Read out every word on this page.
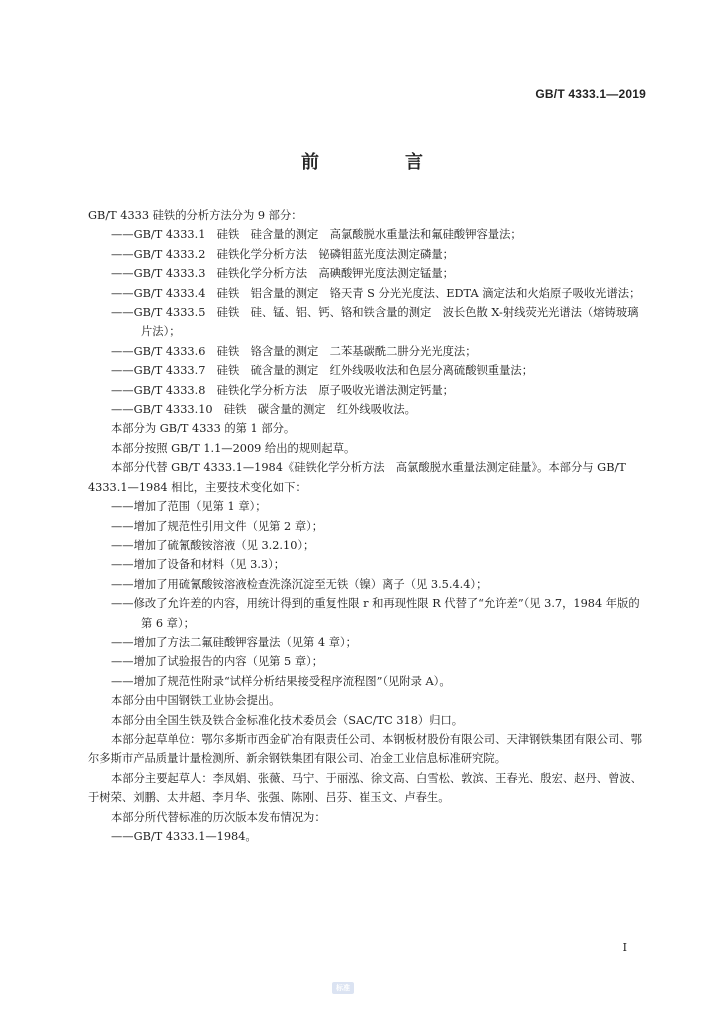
GB/T 4333.1—2019
前　言

GB/T 4333 硅铁的分析方法分为 9 部分：

——GB/T 4333.1　硅铁　硅含量的测定　高氯酸脱水重量法和氟硅酸钾容量法；

——GB/T 4333.2　硅铁化学分析方法　铋磷钼蓝光度法测定磷量；

——GB/T 4333.3　硅铁化学分析方法　高碘酸钾光度法测定锰量；

——GB/T 4333.4　硅铁　铝含量的测定　铬天青 S 分光光度法、EDTA 滴定法和火焰原子吸收光谱法；

——GB/T 4333.5　硅铁　硅、锰、铝、钙、铬和铁含量的测定　波长色散 X-射线荧光光谱法（熔铸玻璃片法）；

——GB/T 4333.6　硅铁　铬含量的测定　二苯基碳酰二肼分光光度法；

——GB/T 4333.7　硅铁　硫含量的测定　红外线吸收法和色层分离硫酸钡重量法；

——GB/T 4333.8　硅铁化学分析方法　原子吸收光谱法测定钙量；

——GB/T 4333.10　硅铁　碳含量的测定　红外线吸收法。

本部分为 GB/T 4333 的第 1 部分。

本部分按照 GB/T 1.1—2009 给出的规则起草。

本部分代替 GB/T 4333.1—1984《硅铁化学分析方法　高氯酸脱水重量法测定硅量》。本部分与 GB/T 4333.1—1984 相比，主要技术变化如下：

——增加了范围（见第 1 章）；

——增加了规范性引用文件（见第 2 章）；

——增加了硫氰酸铵溶液（见 3.2.10）；

——增加了设备和材料（见 3.3）；

——增加了用硫氰酸铵溶液检查洗涤沉淀至无铁（镍）离子（见 3.5.4.4）；

——修改了允许差的内容，用统计得到的重复性限 r 和再现性限 R 代替了“允许差”（见 3.7，1984 年版的第 6 章）；

——增加了方法二氟硅酸钾容量法（见第 4 章）；

——增加了试验报告的内容（见第 5 章）；

——增加了规范性附录“试样分析结果接受程序流程图”（见附录 A）。

本部分由中国钢铁工业协会提出。

本部分由全国生铁及铁合金标准化技术委员会（SAC/TC 318）归口。

本部分起草单位：鄂尔多斯市西金矿冶有限责任公司、本钢板材股份有限公司、天津钢铁集团有限公司、鄂尔多斯市产品质量计量检测所、新余钢铁集团有限公司、冶金工业信息标准研究院。

本部分主要起草人：李凤娟、张薇、马宁、于丽泓、徐文高、白雪松、敦滨、王春光、殷宏、赵丹、曾波、于树荣、刘鹏、太井超、李月华、张强、陈刚、吕芬、崔玉文、卢春生。

本部分所代替标准的历次版本发布情况为：

——GB/T 4333.1—1984。

I
标准
